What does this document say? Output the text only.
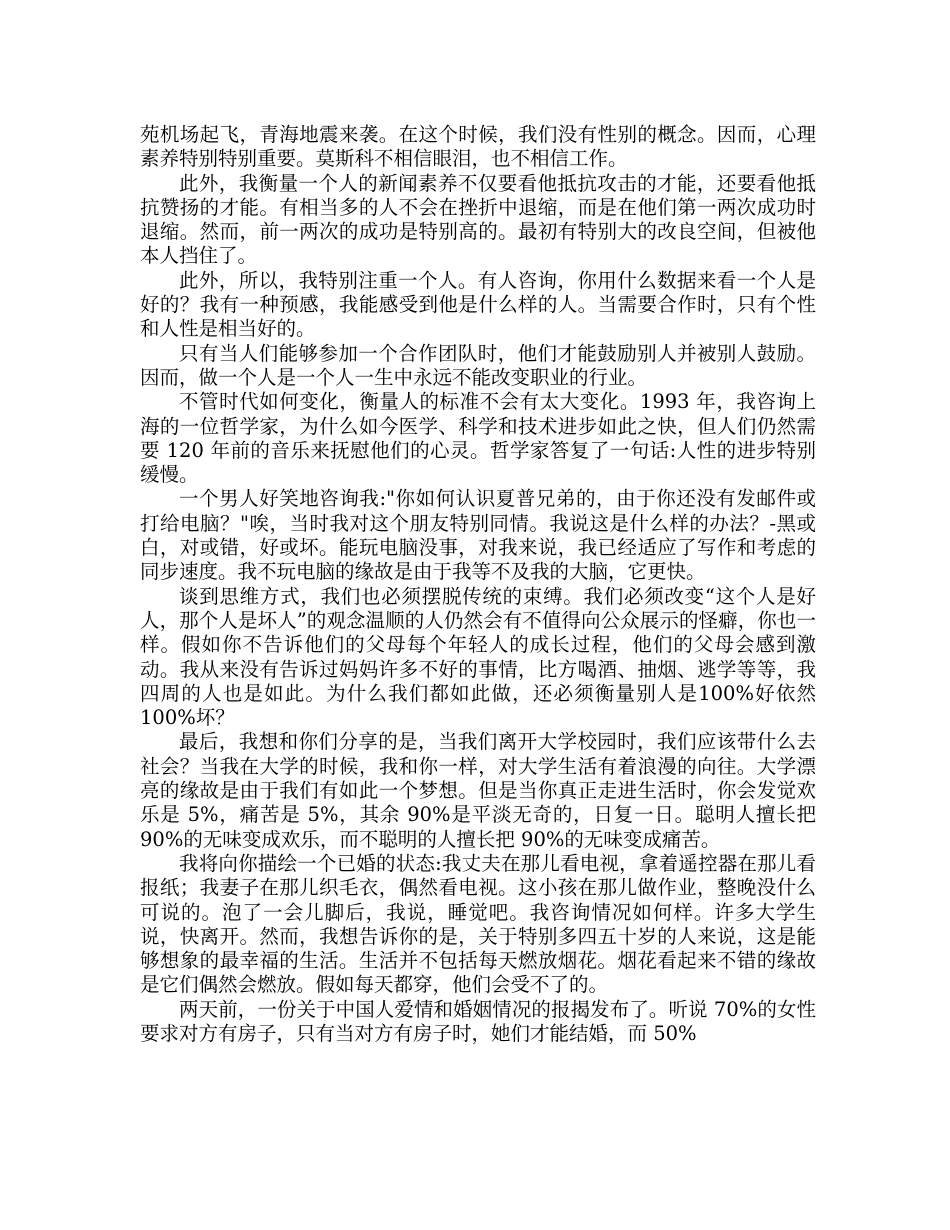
苑机场起飞，青海地震来袭。在这个时候，我们没有性别的概念。因而，心理素养特别特别重要。莫斯科不相信眼泪，也不相信工作。

此外，我衡量一个人的新闻素养不仅要看他抵抗攻击的才能，还要看他抵抗赞扬的才能。有相当多的人不会在挫折中退缩，而是在他们第一两次成功时退缩。然而，前一两次的成功是特别高的。最初有特别大的改良空间，但被他本人挡住了。

此外，所以，我特别注重一个人。有人咨询，你用什么数据来看一个人是好的？我有一种预感，我能感受到他是什么样的人。当需要合作时，只有个性和人性是相当好的。

只有当人们能够参加一个合作团队时，他们才能鼓励别人并被别人鼓励。因而，做一个人是一个人一生中永远不能改变职业的行业。

不管时代如何变化，衡量人的标准不会有太大变化。1993 年，我咨询上海的一位哲学家，为什么如今医学、科学和技术进步如此之快，但人们仍然需要 120 年前的音乐来抚慰他们的心灵。哲学家答复了一句话:人性的进步特别缓慢。

一个男人好笑地咨询我:"你如何认识夏普兄弟的，由于你还没有发邮件或打给电脑？"唉，当时我对这个朋友特别同情。我说这是什么样的办法？-黑或白，对或错，好或坏。能玩电脑没事，对我来说，我已经适应了写作和考虑的同步速度。我不玩电脑的缘故是由于我等不及我的大脑，它更快。

谈到思维方式，我们也必须摆脱传统的束缚。我们必须改变“这个人是好人，那个人是坏人”的观念温顺的人仍然会有不值得向公众展示的怪癖，你也一样。假如你不告诉他们的父母每个年轻人的成长过程，他们的父母会感到激动。我从来没有告诉过妈妈许多不好的事情，比方喝酒、抽烟、逃学等等，我四周的人也是如此。为什么我们都如此做，还必须衡量别人是100%好依然100%坏？

最后，我想和你们分享的是，当我们离开大学校园时，我们应该带什么去社会？当我在大学的时候，我和你一样，对大学生活有着浪漫的向往。大学漂亮的缘故是由于我们有如此一个梦想。但是当你真正走进生活时，你会发觉欢乐是 5%，痛苦是 5%，其余 90%是平淡无奇的，日复一日。聪明人擅长把 90%的无味变成欢乐，而不聪明的人擅长把 90%的无味变成痛苦。

我将向你描绘一个已婚的状态:我丈夫在那儿看电视，拿着遥控器在那儿看报纸；我妻子在那儿织毛衣，偶然看电视。这小孩在那儿做作业，整晚没什么可说的。泡了一会儿脚后，我说，睡觉吧。我咨询情况如何样。许多大学生说，快离开。然而，我想告诉你的是，关于特别多四五十岁的人来说，这是能够想象的最幸福的生活。生活并不包括每天燃放烟花。烟花看起来不错的缘故是它们偶然会燃放。假如每天都穿，他们会受不了的。

两天前，一份关于中国人爱情和婚姻情况的报揭发布了。听说 70%的女性要求对方有房子，只有当对方有房子时，她们才能结婚，而 50%
